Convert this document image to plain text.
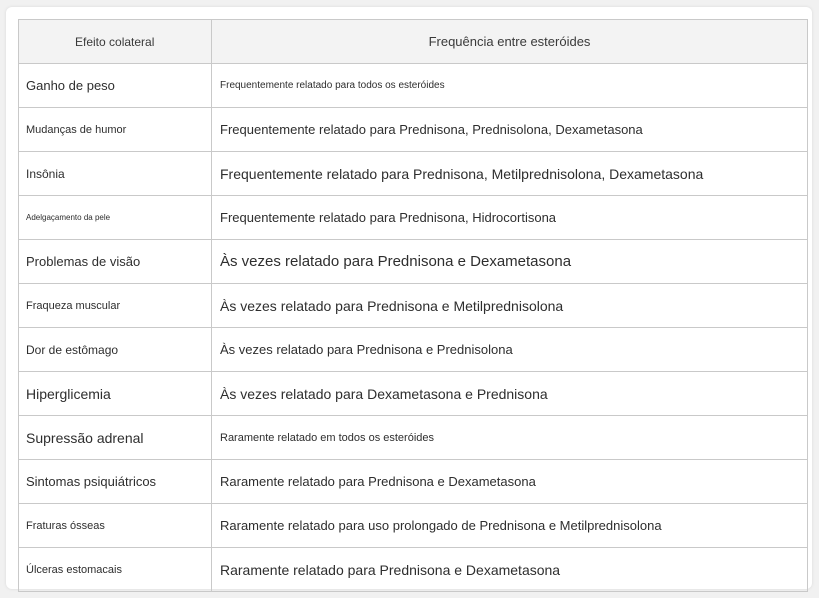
Efeito colateral	Frequência entre esteróides
Ganho de peso	Frequentemente relatado para todos os esteróides
Mudanças de humor	Frequentemente relatado para Prednisona, Prednisolona, Dexametasona
Insônia	Frequentemente relatado para Prednisona, Metilprednisolona, Dexametasona
Adelgaçamento da pele	Frequentemente relatado para Prednisona, Hidrocortisona
Problemas de visão	Às vezes relatado para Prednisona e Dexametasona
Fraqueza muscular	Às vezes relatado para Prednisona e Metilprednisolona
Dor de estômago	Às vezes relatado para Prednisona e Prednisolona
Hiperglicemia	Às vezes relatado para Dexametasona e Prednisona
Supressão adrenal	Raramente relatado em todos os esteróides
Sintomas psiquiátricos	Raramente relatado para Prednisona e Dexametasona
Fraturas ósseas	Raramente relatado para uso prolongado de Prednisona e Metilprednisolona
Úlceras estomacais	Raramente relatado para Prednisona e Dexametasona
